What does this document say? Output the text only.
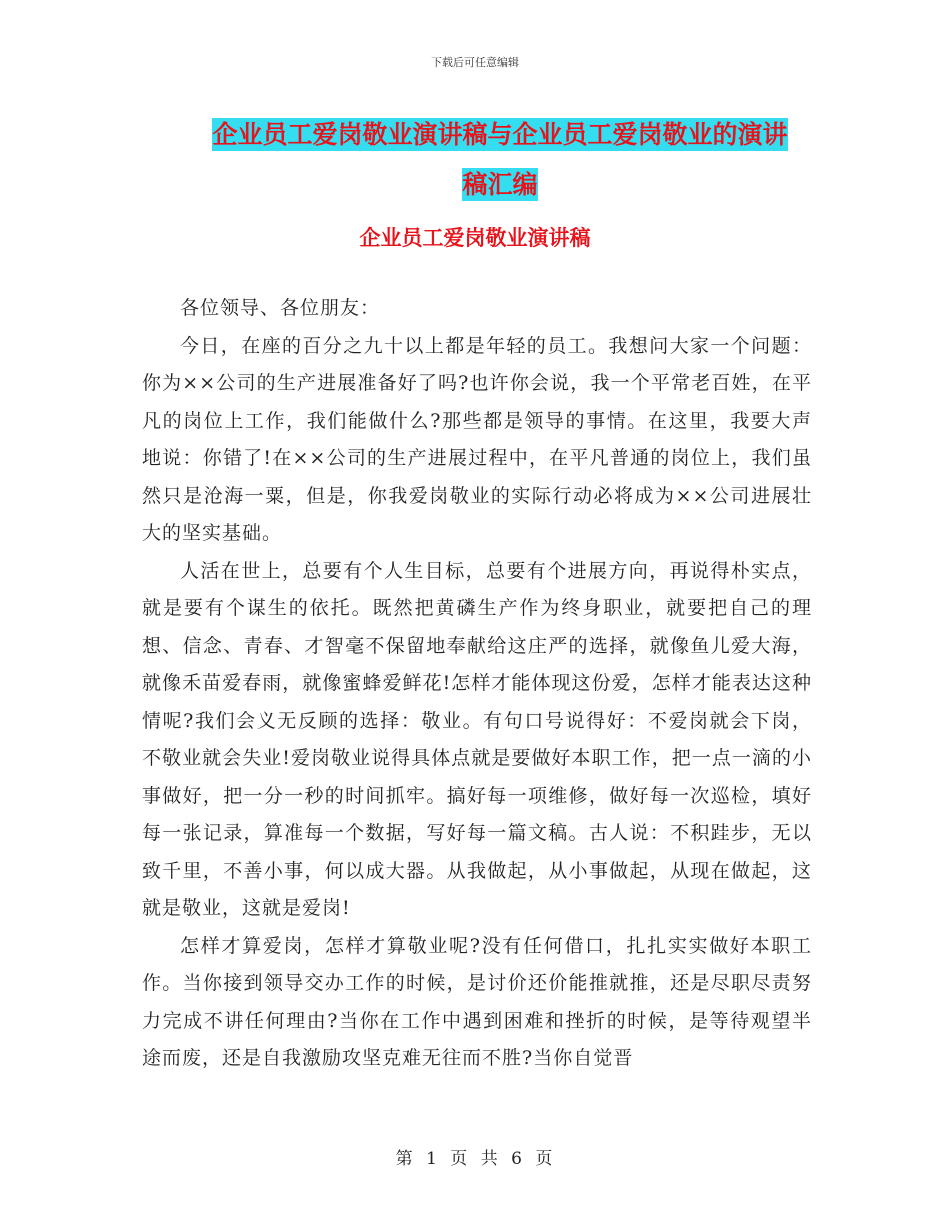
下载后可任意编辑
企业员工爱岗敬业演讲稿与企业员工爱岗敬业的演讲
稿汇编
企业员工爱岗敬业演讲稿

各位领导、各位朋友：

今日，在座的百分之九十以上都是年轻的员工。我想问大家一个问题：你为××公司的生产进展准备好了吗?也许你会说，我一个平常老百姓，在平凡的岗位上工作，我们能做什么?那些都是领导的事情。在这里，我要大声地说：你错了!在××公司的生产进展过程中，在平凡普通的岗位上，我们虽然只是沧海一粟，但是，你我爱岗敬业的实际行动必将成为××公司进展壮大的坚实基础。

人活在世上，总要有个人生目标，总要有个进展方向，再说得朴实点，就是要有个谋生的依托。既然把黄磷生产作为终身职业，就要把自己的理想、信念、青春、才智毫不保留地奉献给这庄严的选择，就像鱼儿爱大海，就像禾苗爱春雨，就像蜜蜂爱鲜花!怎样才能体现这份爱，怎样才能表达这种情呢?我们会义无反顾的选择：敬业。有句口号说得好：不爱岗就会下岗，不敬业就会失业!爱岗敬业说得具体点就是要做好本职工作，把一点一滴的小事做好，把一分一秒的时间抓牢。搞好每一项维修，做好每一次巡检，填好每一张记录，算准每一个数据，写好每一篇文稿。古人说：不积跬步，无以致千里，不善小事，何以成大器。从我做起，从小事做起，从现在做起，这就是敬业，这就是爱岗!

怎样才算爱岗，怎样才算敬业呢?没有任何借口，扎扎实实做好本职工作。当你接到领导交办工作的时候，是讨价还价能推就推，还是尽职尽责努力完成不讲任何理由?当你在工作中遇到困难和挫折的时候，是等待观望半途而废，还是自我激励攻坚克难无往而不胜?当你自觉晋

第 1 页 共 6 页
